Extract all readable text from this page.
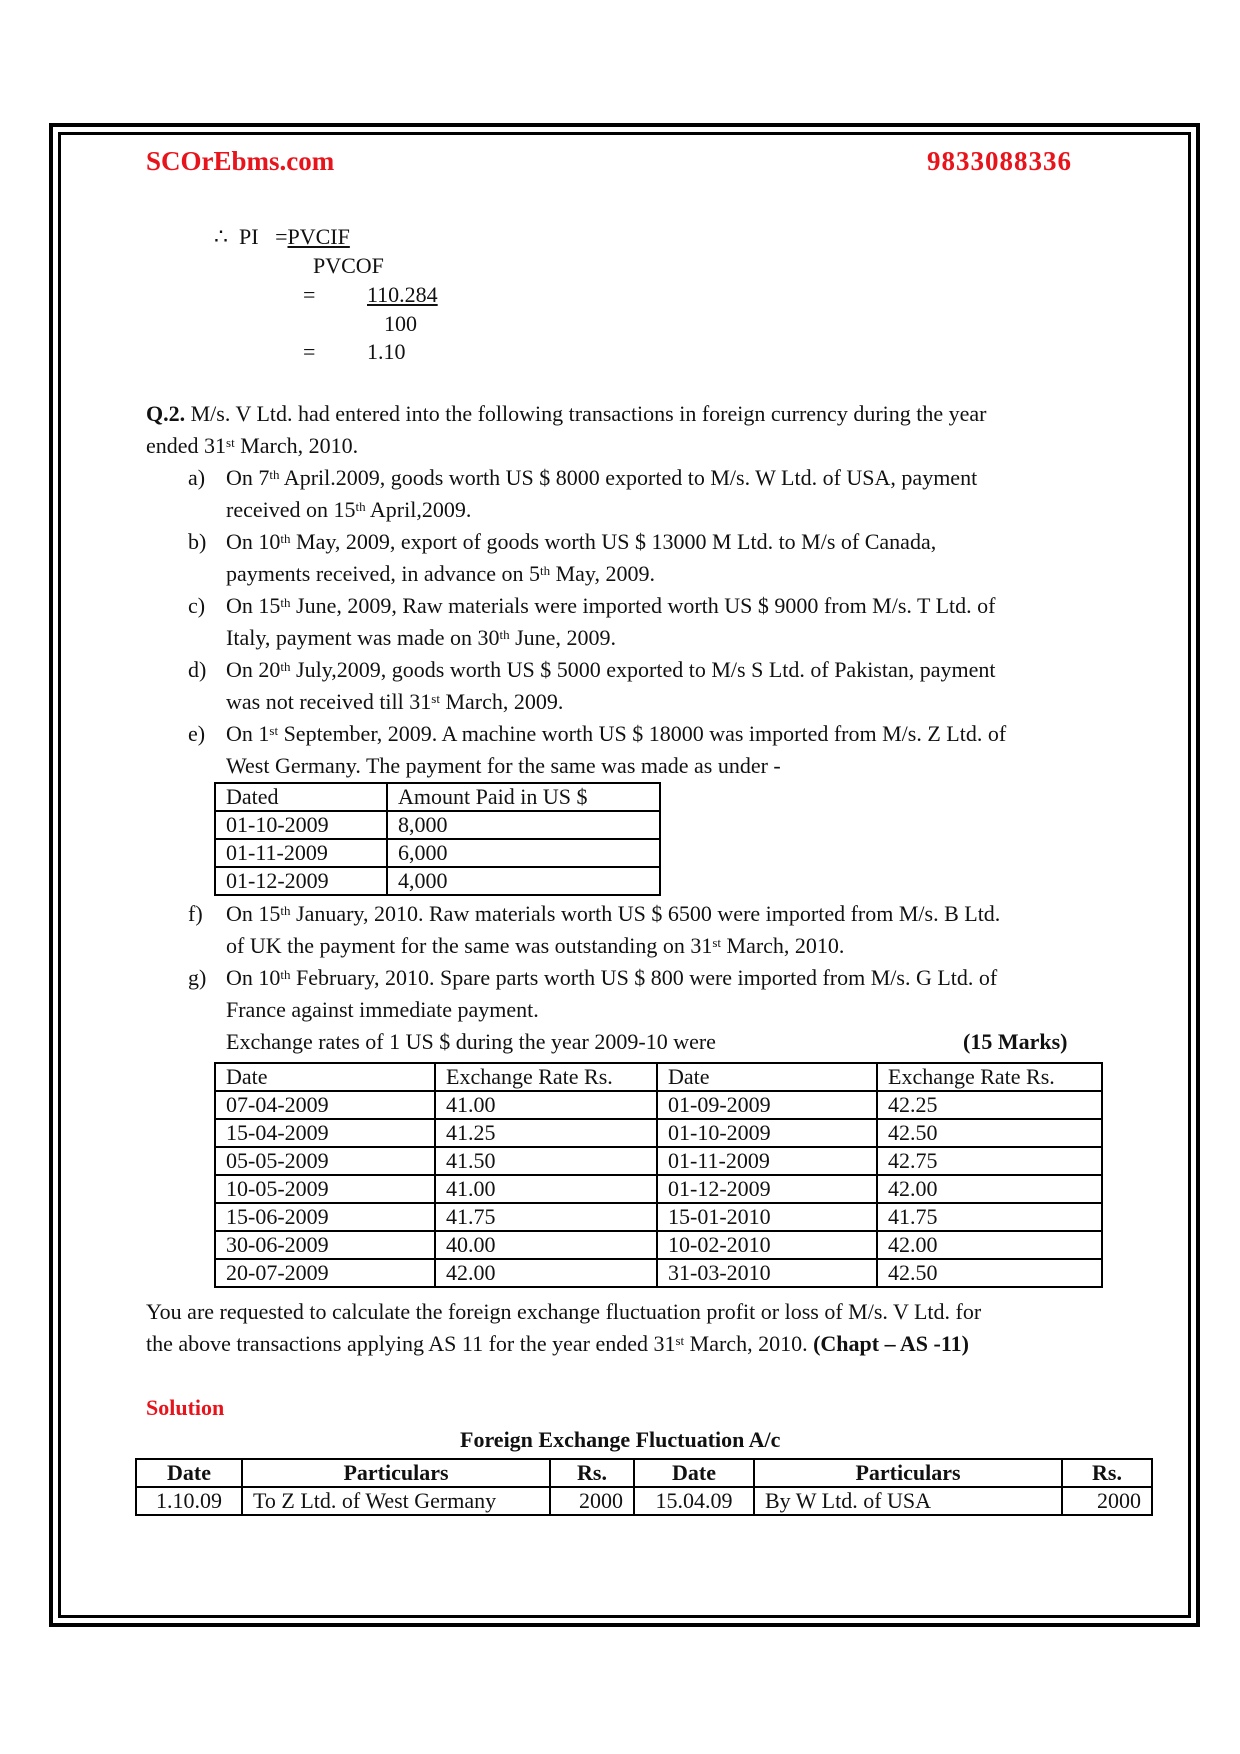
SCOrEbms.com	9833088336
∴ PI =PVCIF
PVCOF
= 110.284
100
= 1.10
Q.2. M/s. V Ltd. had entered into the following transactions in foreign currency during the year
ended 31st March, 2010.
a) On 7th April.2009, goods worth US $ 8000 exported to M/s. W Ltd. of USA, payment
received on 15th April,2009.
b) On 10th May, 2009, export of goods worth US $ 13000 M Ltd. to M/s of Canada,
payments received, in advance on 5th May, 2009.
c) On 15th June, 2009, Raw materials were imported worth US $ 9000 from M/s. T Ltd. of
Italy, payment was made on 30th June, 2009.
d) On 20th July,2009, goods worth US $ 5000 exported to M/s S Ltd. of Pakistan, payment
was not received till 31st March, 2009.
e) On 1st September, 2009. A machine worth US $ 18000 was imported from M/s. Z Ltd. of
West Germany. The payment for the same was made as under -
Dated	Amount Paid in US $
01-10-2009	8,000
01-11-2009	6,000
01-12-2009	4,000
f) On 15th January, 2010. Raw materials worth US $ 6500 were imported from M/s. B Ltd.
of UK the payment for the same was outstanding on 31st March, 2010.
g) On 10th February, 2010. Spare parts worth US $ 800 were imported from M/s. G Ltd. of
France against immediate payment.
Exchange rates of 1 US $ during the year 2009-10 were	(15 Marks)
Date	Exchange Rate Rs.	Date	Exchange Rate Rs.
07-04-2009	41.00	01-09-2009	42.25
15-04-2009	41.25	01-10-2009	42.50
05-05-2009	41.50	01-11-2009	42.75
10-05-2009	41.00	01-12-2009	42.00
15-06-2009	41.75	15-01-2010	41.75
30-06-2009	40.00	10-02-2010	42.00
20-07-2009	42.00	31-03-2010	42.50
You are requested to calculate the foreign exchange fluctuation profit or loss of M/s. V Ltd. for
the above transactions applying AS 11 for the year ended 31st March, 2010. (Chapt – AS -11)
Solution
Foreign Exchange Fluctuation A/c
Date	Particulars	Rs.	Date	Particulars	Rs.
1.10.09	To Z Ltd. of West Germany	2000	15.04.09	By W Ltd. of USA	2000
